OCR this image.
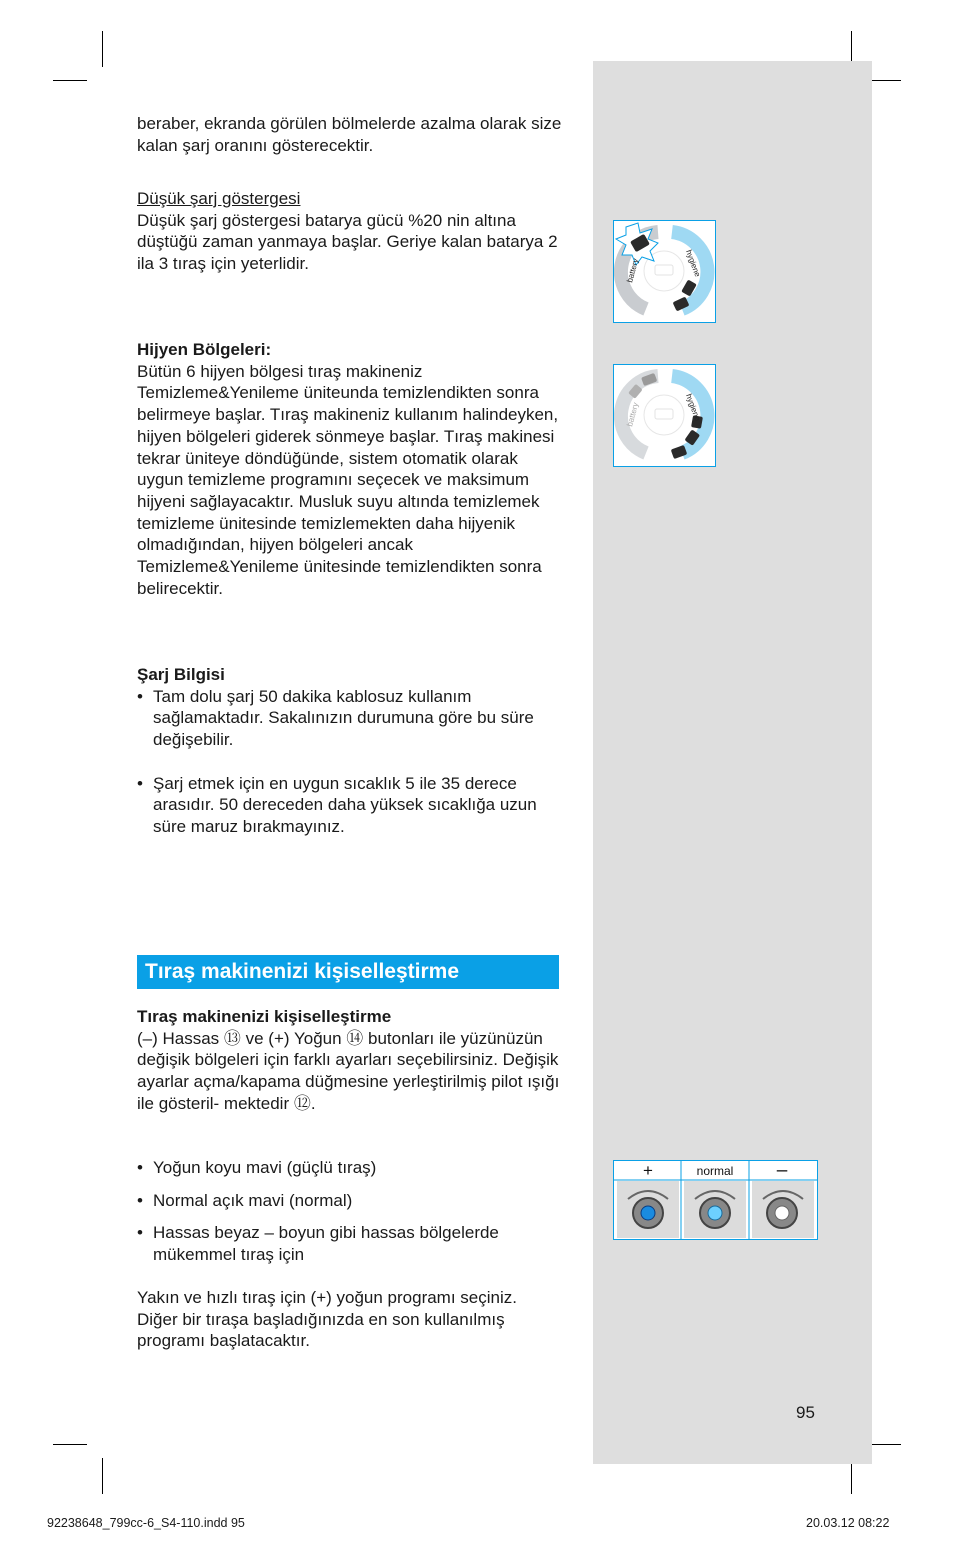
beraber, ekranda görülen bölmelerde azalma olarak size kalan şarj oranını gösterecektir.

Düşük şarj göstergesi

Düşük şarj göstergesi batarya gücü %20 nin altına düştüğü zaman yanmaya başlar. Geriye kalan batarya 2 ila 3 tıraş için yeterlidir.

Hijyen Bölgeleri:

Bütün 6 hijyen bölgesi tıraş makineniz Temizleme&Yenileme üniteunda temizlendikten sonra belirmeye başlar. Tıraş makineniz kullanım halindeyken, hijyen bölgeleri giderek sönmeye başlar. Tıraş makinesi tekrar üniteye döndüğünde, sistem otomatik olarak uygun temizleme programını seçecek ve maksimum hijyeni sağlayacaktır. Musluk suyu altında temizlemek temizleme ünitesinde temizlemekten daha hijyenik olmadığından, hijyen bölgeleri ancak Temizleme&Yenileme ünitesinde temizlendikten sonra belirecektir.

Şarj Bilgisi

• Tam dolu şarj 50 dakika kablosuz kullanım sağlamaktadır. Sakalınızın durumuna göre bu süre değişebilir.

• Şarj etmek için en uygun sıcaklık 5 ile 35 derece arasıdır. 50 dereceden daha yüksek sıcaklığa uzun süre maruz bırakmayınız.

Tıraş makinenizi kişiselleştirme

Tıraş makinenizi kişiselleştirme

(–) Hassas ⑬ ve (+) Yoğun ⑭ butonları ile yüzünüzün değişik bölgeleri için farklı ayarları seçebilirsiniz. Değişik ayarlar açma/kapama düğmesine yerleştirilmiş pilot ışığı ile gösteril- mektedir ⑫.

• Yoğun koyu mavi (güçlü tıraş)

• Normal açık mavi (normal)

• Hassas beyaz – boyun gibi hassas bölgelerde mükemmel tıraş için

Yakın ve hızlı tıraş için (+) yoğun programı seçiniz.

Diğer bir tıraşa başladığınızda en son kullanılmış programı başlatacaktır.

battery	hygiene
battery	hygiene
+	normal –
95
92238648_799cc-6_S4-110.indd 95	20.03.12 08:22
